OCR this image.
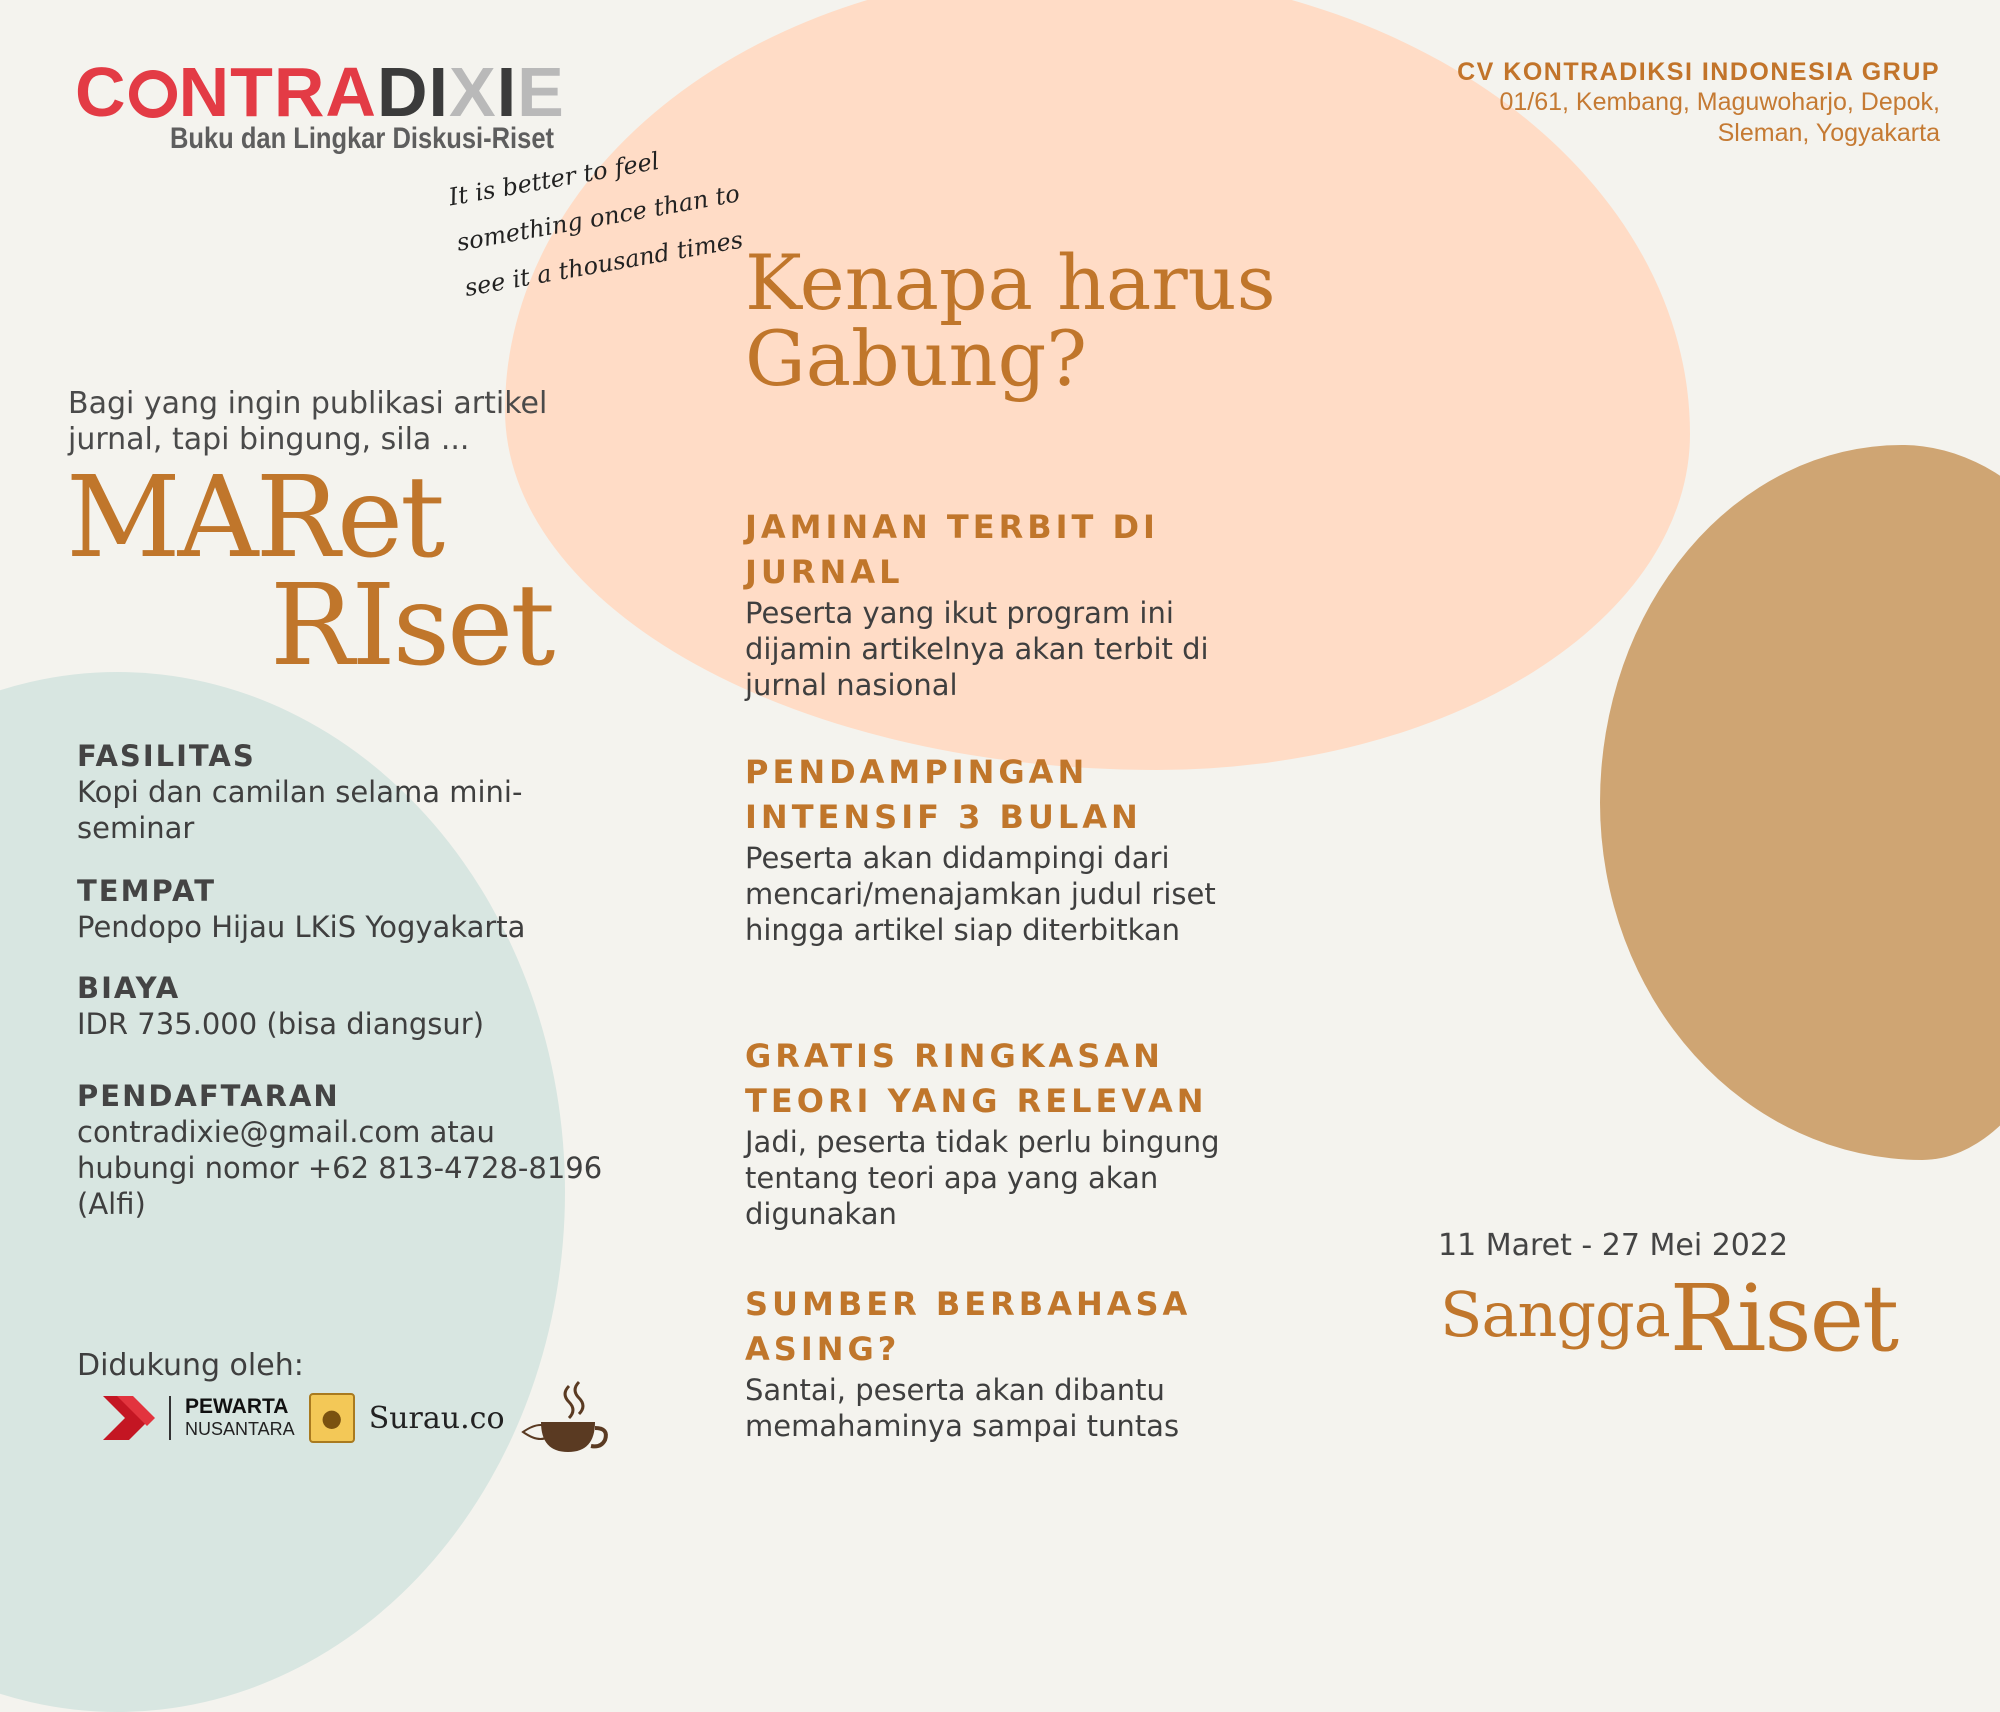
C NTRADIXIE
Buku dan Lingkar Diskusi-Riset
CV KONTRADIKSI INDONESIA GRUP
01/61, Kembang, Maguwoharjo, Depok,
Sleman, Yogyakarta
It is better to feel something once than to see it a thousand times Kenapa harus
Gabung?
Bagi yang ingin publikasi artikel jurnal, tapi bingung, sila ...
MARet
RIset
FASILITAS
Kopi dan camilan selama mini-seminar
TEMPAT
Pendopo Hijau LKiS Yogyakarta
BIAYA
IDR 735.000 (bisa diangsur)
PENDAFTARAN
contradixie@gmail.com atau hubungi nomor +62 813-4728-8196 (Alfi)
JAMINAN TERBIT DI JURNAL
Peserta yang ikut program ini dijamin artikelnya akan terbit di jurnal nasional
PENDAMPINGAN INTENSIF 3 BULAN
Peserta akan didampingi dari mencari/menajamkan judul riset hingga artikel siap diterbitkan
GRATIS RINGKASAN TEORI YANG RELEVAN
Jadi, peserta tidak perlu bingung tentang teori apa yang akan digunakan
SUMBER BERBAHASA ASING?
Santai, peserta akan dibantu memahaminya sampai tuntas
Didukung oleh:
PEWARTA
NUSANTARA	● Surau.co
11 Maret - 27 Mei 2022
SanggaRiset
